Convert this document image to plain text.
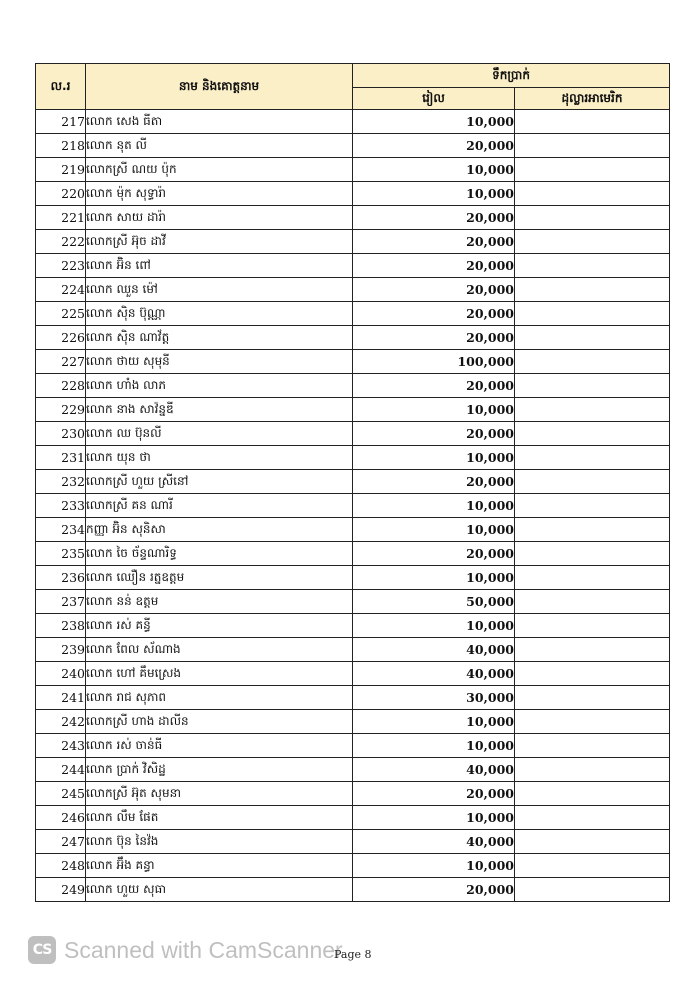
ល.រ	នាម និងគោត្តនាម	ទឹកប្រាក់	
		រៀល	ដុល្លារអាមេរិក
217	លោក សេង ធីតា	10,000	
218	លោក នុត លី	20,000	
219	លោកស្រី ណយ ប៉ុក	10,000	
220	លោក ម៉ុក សុទ្ធារ៉ា	10,000	
221	លោក សាយ ដារ៉ា	20,000	
222	លោកស្រី អ៊ុច ដាវី	20,000	
223	លោក អ៊ិន ពៅ	20,000	
224	លោក ឈួន ម៉ៅ	20,000	
225	លោក ស៊ិន ប៊ុណ្ណា	20,000	
226	លោក ស៊ិន ណាវ័ត្ត	20,000	
227	លោក ថាយ សុមុនី	100,000	
228	លោក ហាំង លាភ	20,000	
229	លោក នាង សាវ៉ន្នឌី	10,000	
230	លោក ឈ ប៊ុនលី	20,000	
231	លោក យុន ថា	10,000	
232	លោកស្រី ហួយ ស្រីនៅ	20,000	
233	លោកស្រី គន ណារី	10,000	
234	កញ្ញា អ៊ិន សុនិសា	10,000	
235	លោក ចៃ ច័ន្ទណារិទ្ធ	20,000	
236	លោក ឈឿន រត្នឧត្តម	10,000	
237	លោក នន់ ឧត្តម	50,000	
238	លោក រស់ គន្ធី	10,000	
239	លោក ពែល ស័ណាង	40,000	
240	លោក ហៅ គឹមស្រេង	40,000	
241	លោក រាជ សុភាព	30,000	
242	លោកស្រី ហាង ដាលីន	10,000	
243	លោក រស់ ចាន់ធី	10,000	
244	លោក ប្រាក់ វិសិដ្ឋ	40,000	
245	លោកស្រី អ៊ុត សុមនា	20,000	
246	លោក លឹម ផែត	10,000	
247	លោក ប៊ុន នៃវ៉ង	40,000	
248	លោក អ៊ឹង គន្ធា	10,000	
249	លោក ហួយ សុធា	20,000	
CS Scanned with CamScanner
Page 8
